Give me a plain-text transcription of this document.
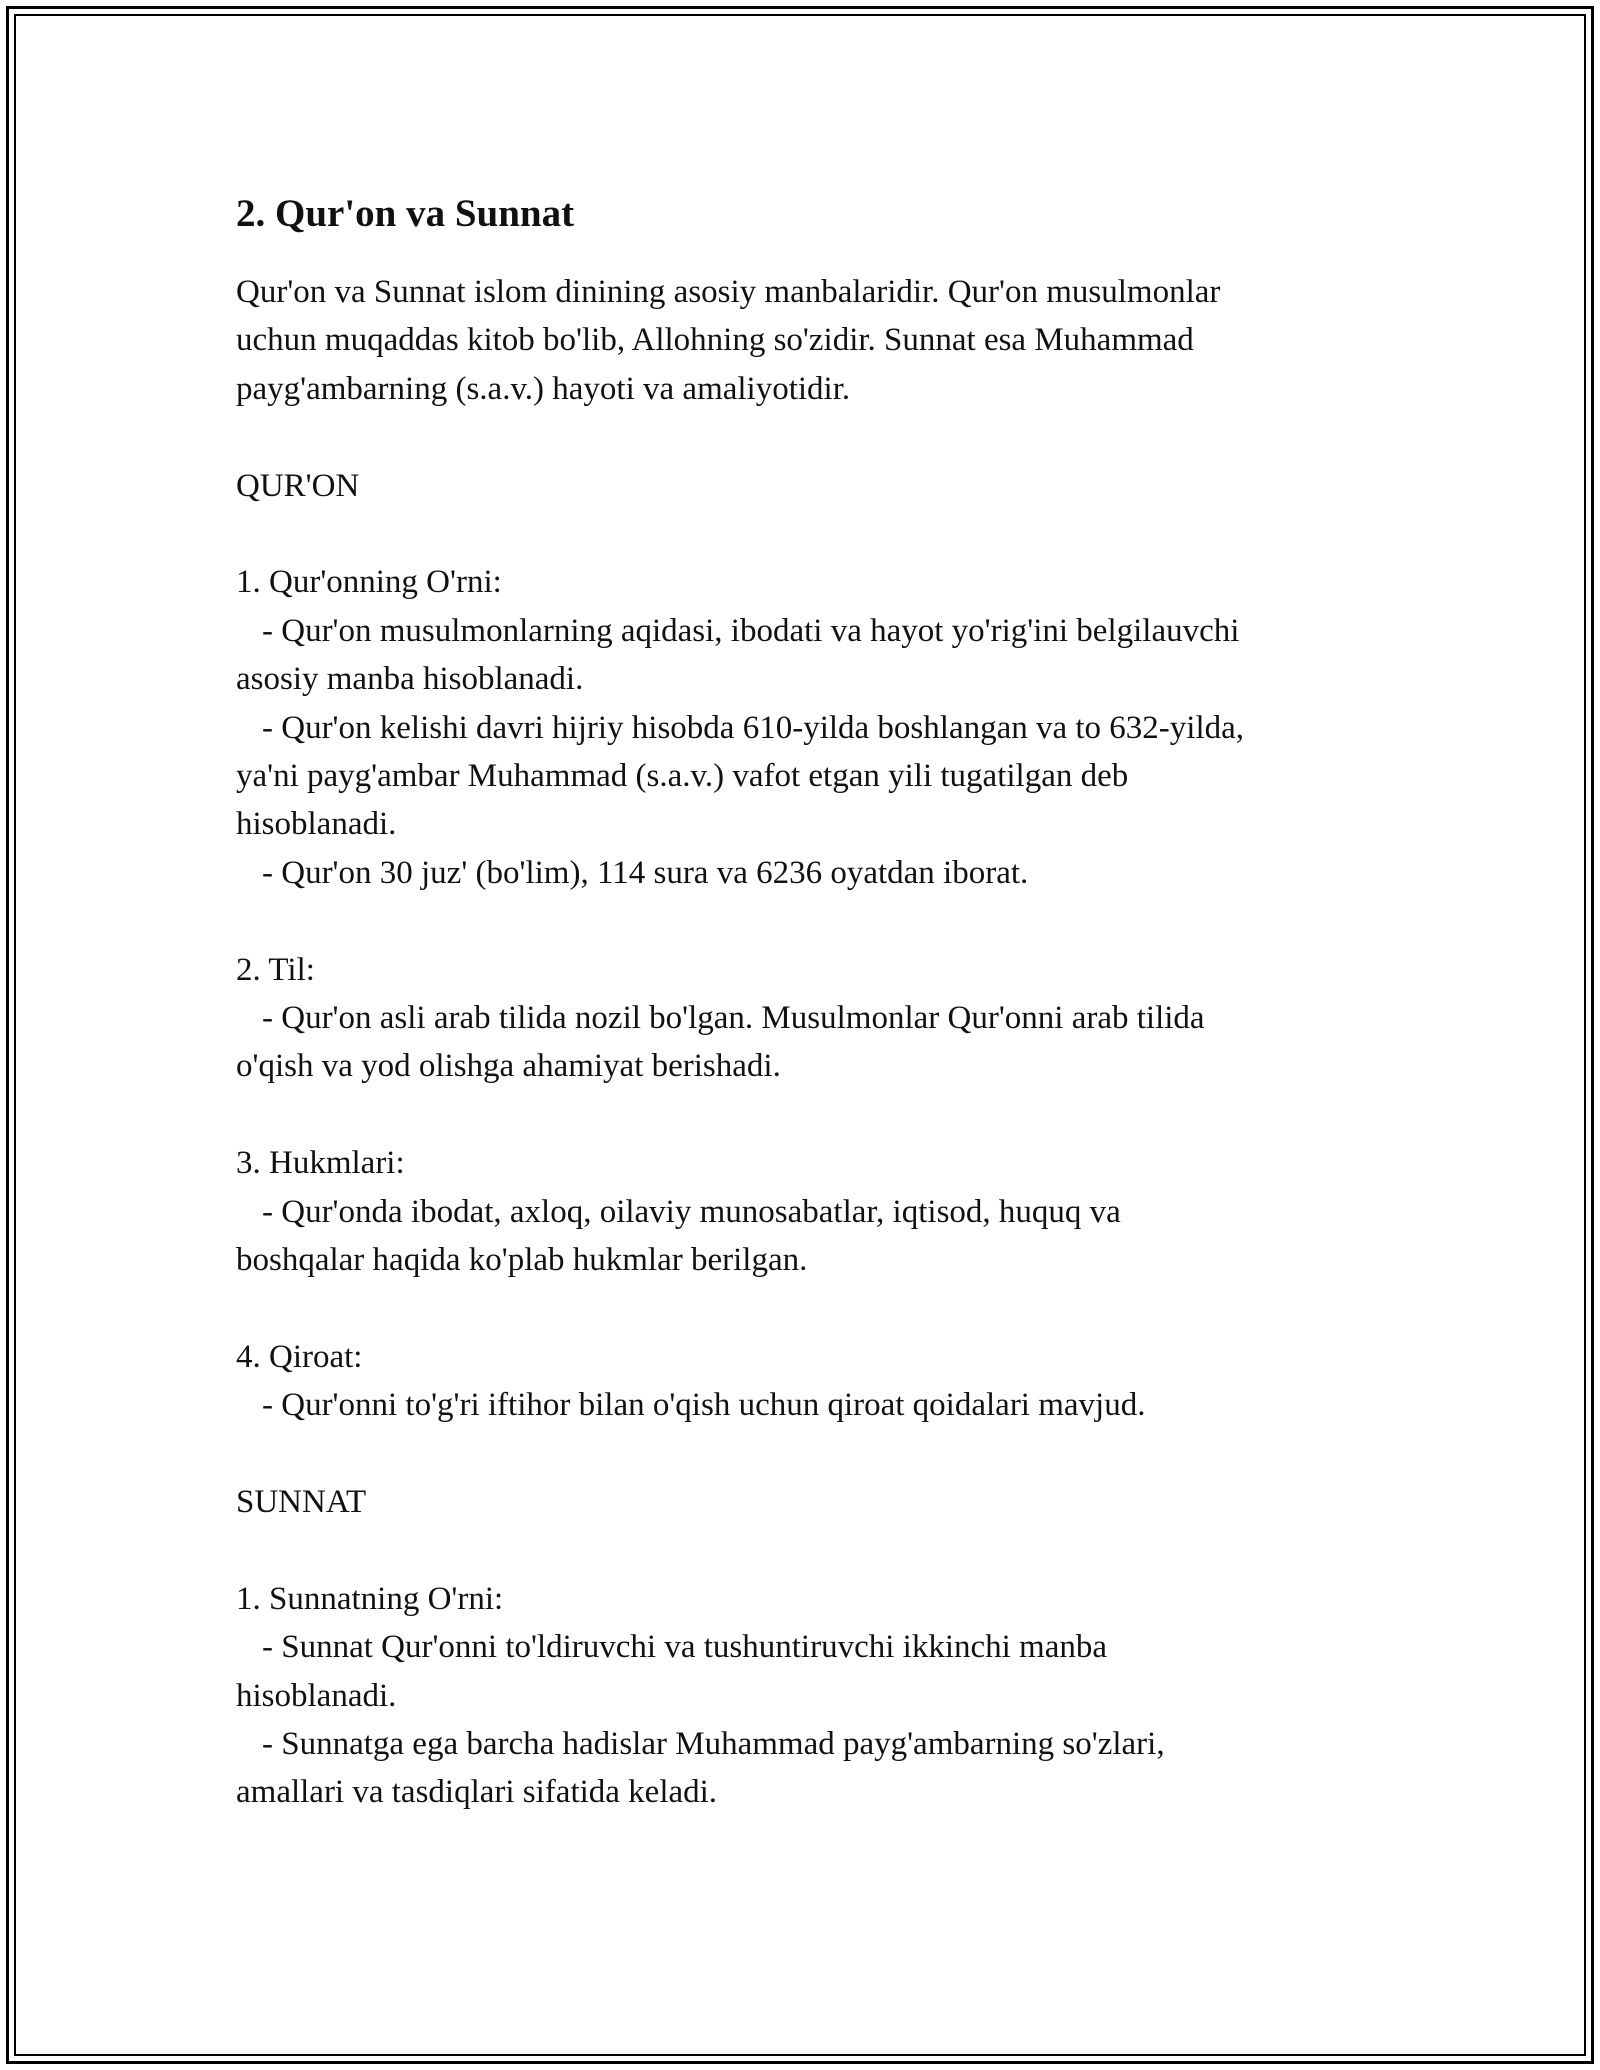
2. Qur'on va Sunnat
Qur'on va Sunnat islom dinining asosiy manbalaridir. Qur'on musulmonlar
uchun muqaddas kitob bo'lib, Allohning so'zidir. Sunnat esa Muhammad
payg'ambarning (s.a.v.) hayoti va amaliyotidir.
QUR'ON
1. Qur'onning O'rni:
- Qur'on musulmonlarning aqidasi, ibodati va hayot yo'rig'ini belgilauvchi
asosiy manba hisoblanadi.
- Qur'on kelishi davri hijriy hisobda 610-yilda boshlangan va to 632-yilda,
ya'ni payg'ambar Muhammad (s.a.v.) vafot etgan yili tugatilgan deb
hisoblanadi.
- Qur'on 30 juz' (bo'lim), 114 sura va 6236 oyatdan iborat.
2. Til:
- Qur'on asli arab tilida nozil bo'lgan. Musulmonlar Qur'onni arab tilida
o'qish va yod olishga ahamiyat berishadi.
3. Hukmlari:
- Qur'onda ibodat, axloq, oilaviy munosabatlar, iqtisod, huquq va
boshqalar haqida ko'plab hukmlar berilgan.
4. Qiroat:
- Qur'onni to'g'ri iftihor bilan o'qish uchun qiroat qoidalari mavjud.
SUNNAT
1. Sunnatning O'rni:
- Sunnat Qur'onni to'ldiruvchi va tushuntiruvchi ikkinchi manba
hisoblanadi.
- Sunnatga ega barcha hadislar Muhammad payg'ambarning so'zlari,
amallari va tasdiqlari sifatida keladi.
